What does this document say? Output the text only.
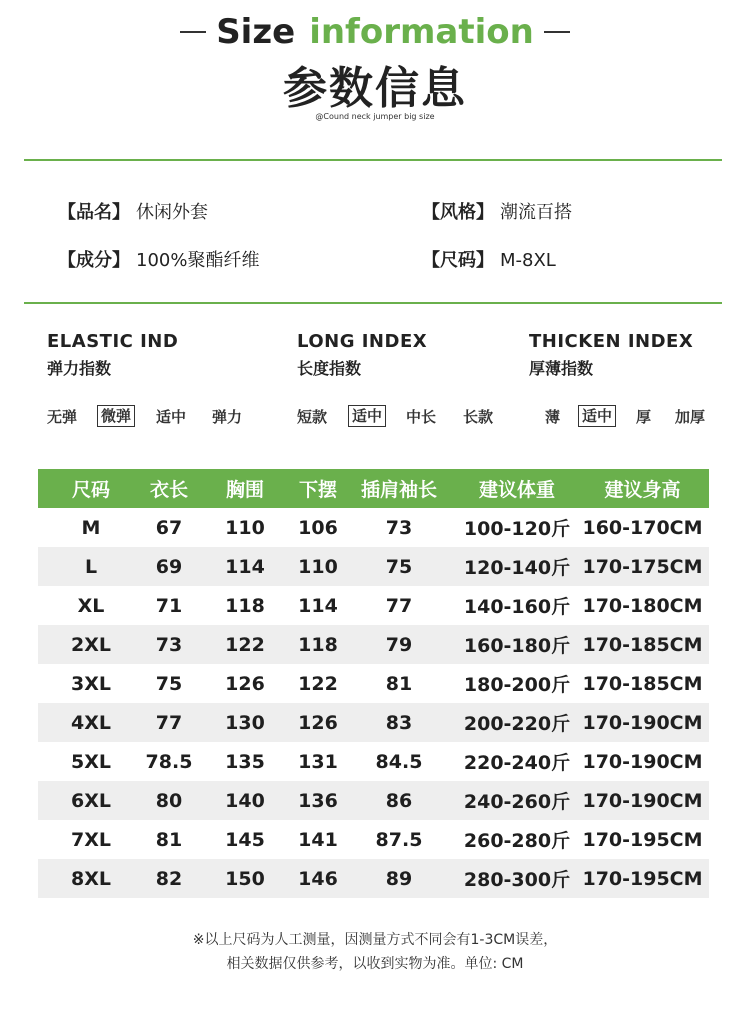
Size information
参数信息
@Cound neck jumper big size
【品名】 休闲外套	【风格】 潮流百搭
【成分】 100%聚酯纤维	【尺码】 M-8XL
ELASTIC IND
弹力指数
LONG INDEX
长度指数
THICKEN INDEX
厚薄指数
无弹 微弹 适中 弹力	短款 适中 中长 长款	薄 适中 厚 加厚
尺码	衣长	胸围	下摆	插肩袖长	建议体重	建议身高
M	67	110	106	73	100-120斤 160-170CM
L	69	114	110	75	120-140斤 170-175CM
XL	71	118	114	77	140-160斤 170-180CM
2XL	73	122	118	79	160-180斤 170-185CM
3XL	75	126	122	81	180-200斤 170-185CM
4XL	77	130	126	83	200-220斤 170-190CM
5XL	78.5	135	131	84.5	220-240斤 170-190CM
6XL	80	140	136	86	240-260斤 170-190CM
7XL	81	145	141	87.5	260-280斤 170-195CM
8XL	82	150	146	89	280-300斤 170-195CM
※以上尺码为人工测量，因测量方式不同会有1-3CM误差，
相关数据仅供参考，以收到实物为准。单位: CM
